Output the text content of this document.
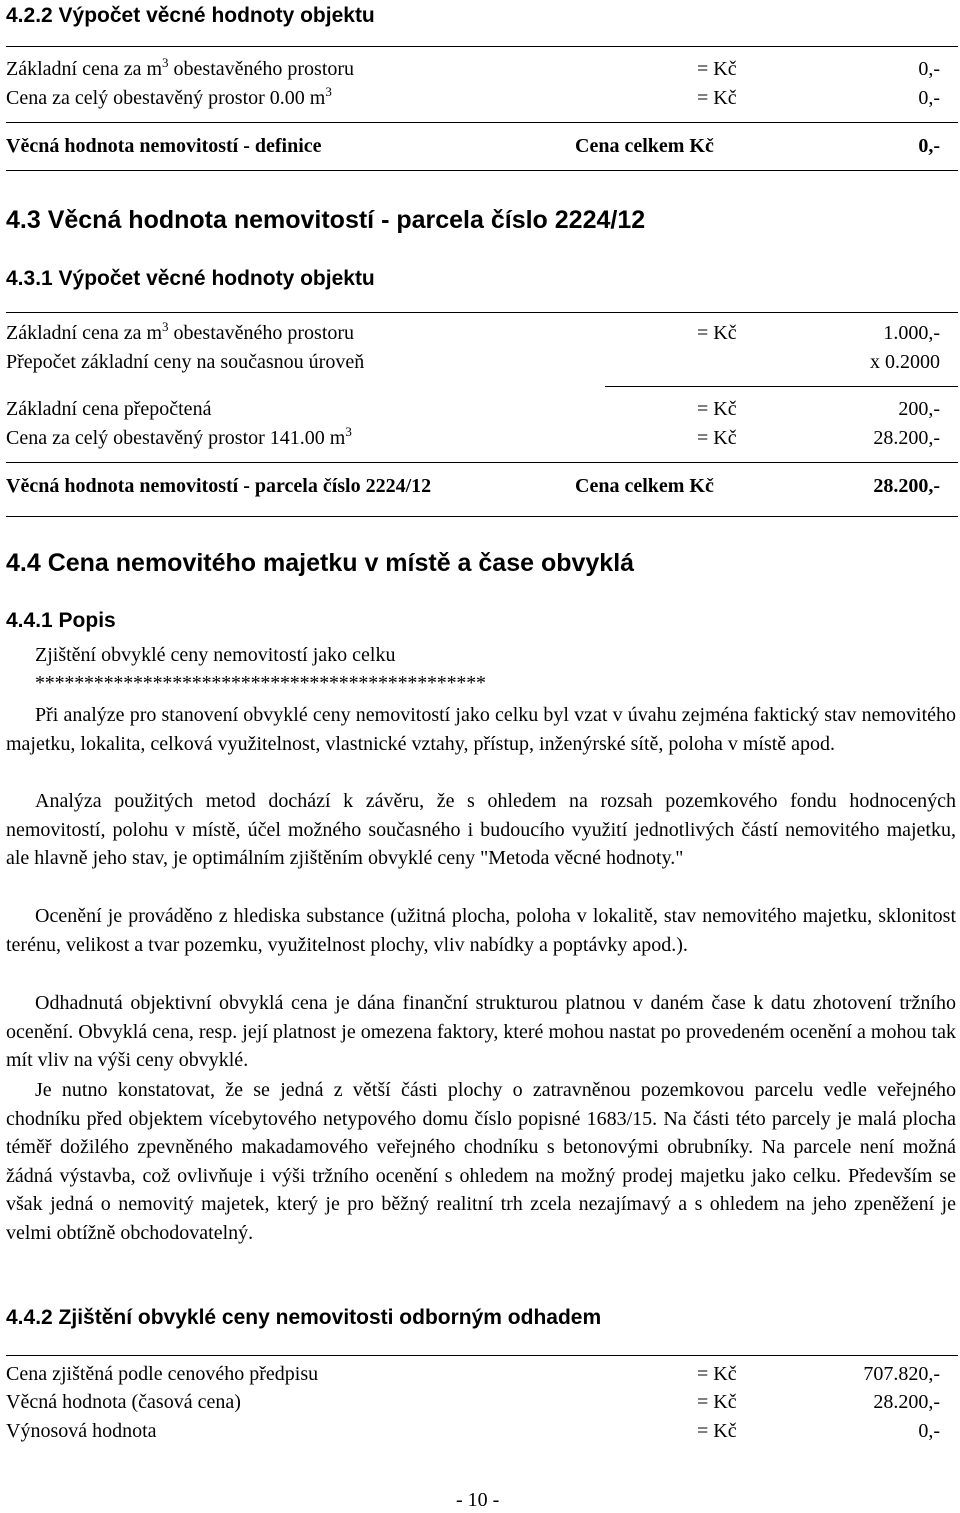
4.2.2 Výpočet věcné hodnoty objektu
Základní cena za $m^3$ obestavěného prostoru	= Kč	0,-
Cena za celý obestavěný prostor 0.00 $m^3$	= Kč	0,-
Věcná hodnota nemovitostí - definice	Cena celkem Kč	0,-
4.3 Věcná hodnota nemovitostí - parcela číslo 2224/12
4.3.1 Výpočet věcné hodnoty objektu
Základní cena za $m^3$ obestavěného prostoru	= Kč	1.000,-
Přepočet základní ceny na současnou úroveň	x 0.2000
Základní cena přepočtená	= Kč	200,-
Cena za celý obestavěný prostor 141.00 $m^3$	= Kč	28.200,-
Věcná hodnota nemovitostí - parcela číslo 2224/12	Cena celkem Kč	28.200,-
4.4 Cena nemovitého majetku v místě a čase obvyklá
4.4.1 Popis
Zjištění obvyklé ceny nemovitostí jako celku
**********************************************
Při analýze pro stanovení obvyklé ceny nemovitostí jako celku byl vzat v úvahu zejména faktický stav nemovitého majetku, lokalita, celková využitelnost, vlastnické vztahy, přístup, inženýrské sítě, poloha v místě apod.
Analýza použitých metod dochází k závěru, že s ohledem na rozsah pozemkového fondu hodnocených nemovitostí, polohu v místě, účel možného současného i budoucího využití jednotlivých částí nemovitého majetku, ale hlavně jeho stav, je optimálním zjištěním obvyklé ceny "Metoda věcné hodnoty."
Ocenění je prováděno z hlediska substance (užitná plocha, poloha v lokalitě, stav nemovitého majetku, sklonitost terénu, velikost a tvar pozemku, využitelnost plochy, vliv nabídky a poptávky apod.).
Odhadnutá objektivní obvyklá cena je dána finanční strukturou platnou v daném čase k datu zhotovení tržního ocenění. Obvyklá cena, resp. její platnost je omezena faktory, které mohou nastat po provedeném ocenění a mohou tak mít vliv na výši ceny obvyklé.
Je nutno konstatovat, že se jedná z větší části plochy o zatravněnou pozemkovou parcelu vedle veřejného chodníku před objektem vícebytového netypového domu číslo popisné 1683/15. Na části této parcely je malá plocha téměř dožilého zpevněného makadamového veřejného chodníku s betonovými obrubníky. Na parcele není možná žádná výstavba, což ovlivňuje i výši tržního ocenění s ohledem na možný prodej majetku jako celku. Především se však jedná o nemovitý majetek, který je pro běžný realitní trh zcela nezajímavý a s ohledem na jeho zpeněžení je velmi obtížně obchodovatelný.
4.4.2 Zjištění obvyklé ceny nemovitosti odborným odhadem
Cena zjištěná podle cenového předpisu	= Kč	707.820,-
Věcná hodnota (časová cena)	= Kč	28.200,-
Výnosová hodnota	= Kč	0,-
- 10 -
